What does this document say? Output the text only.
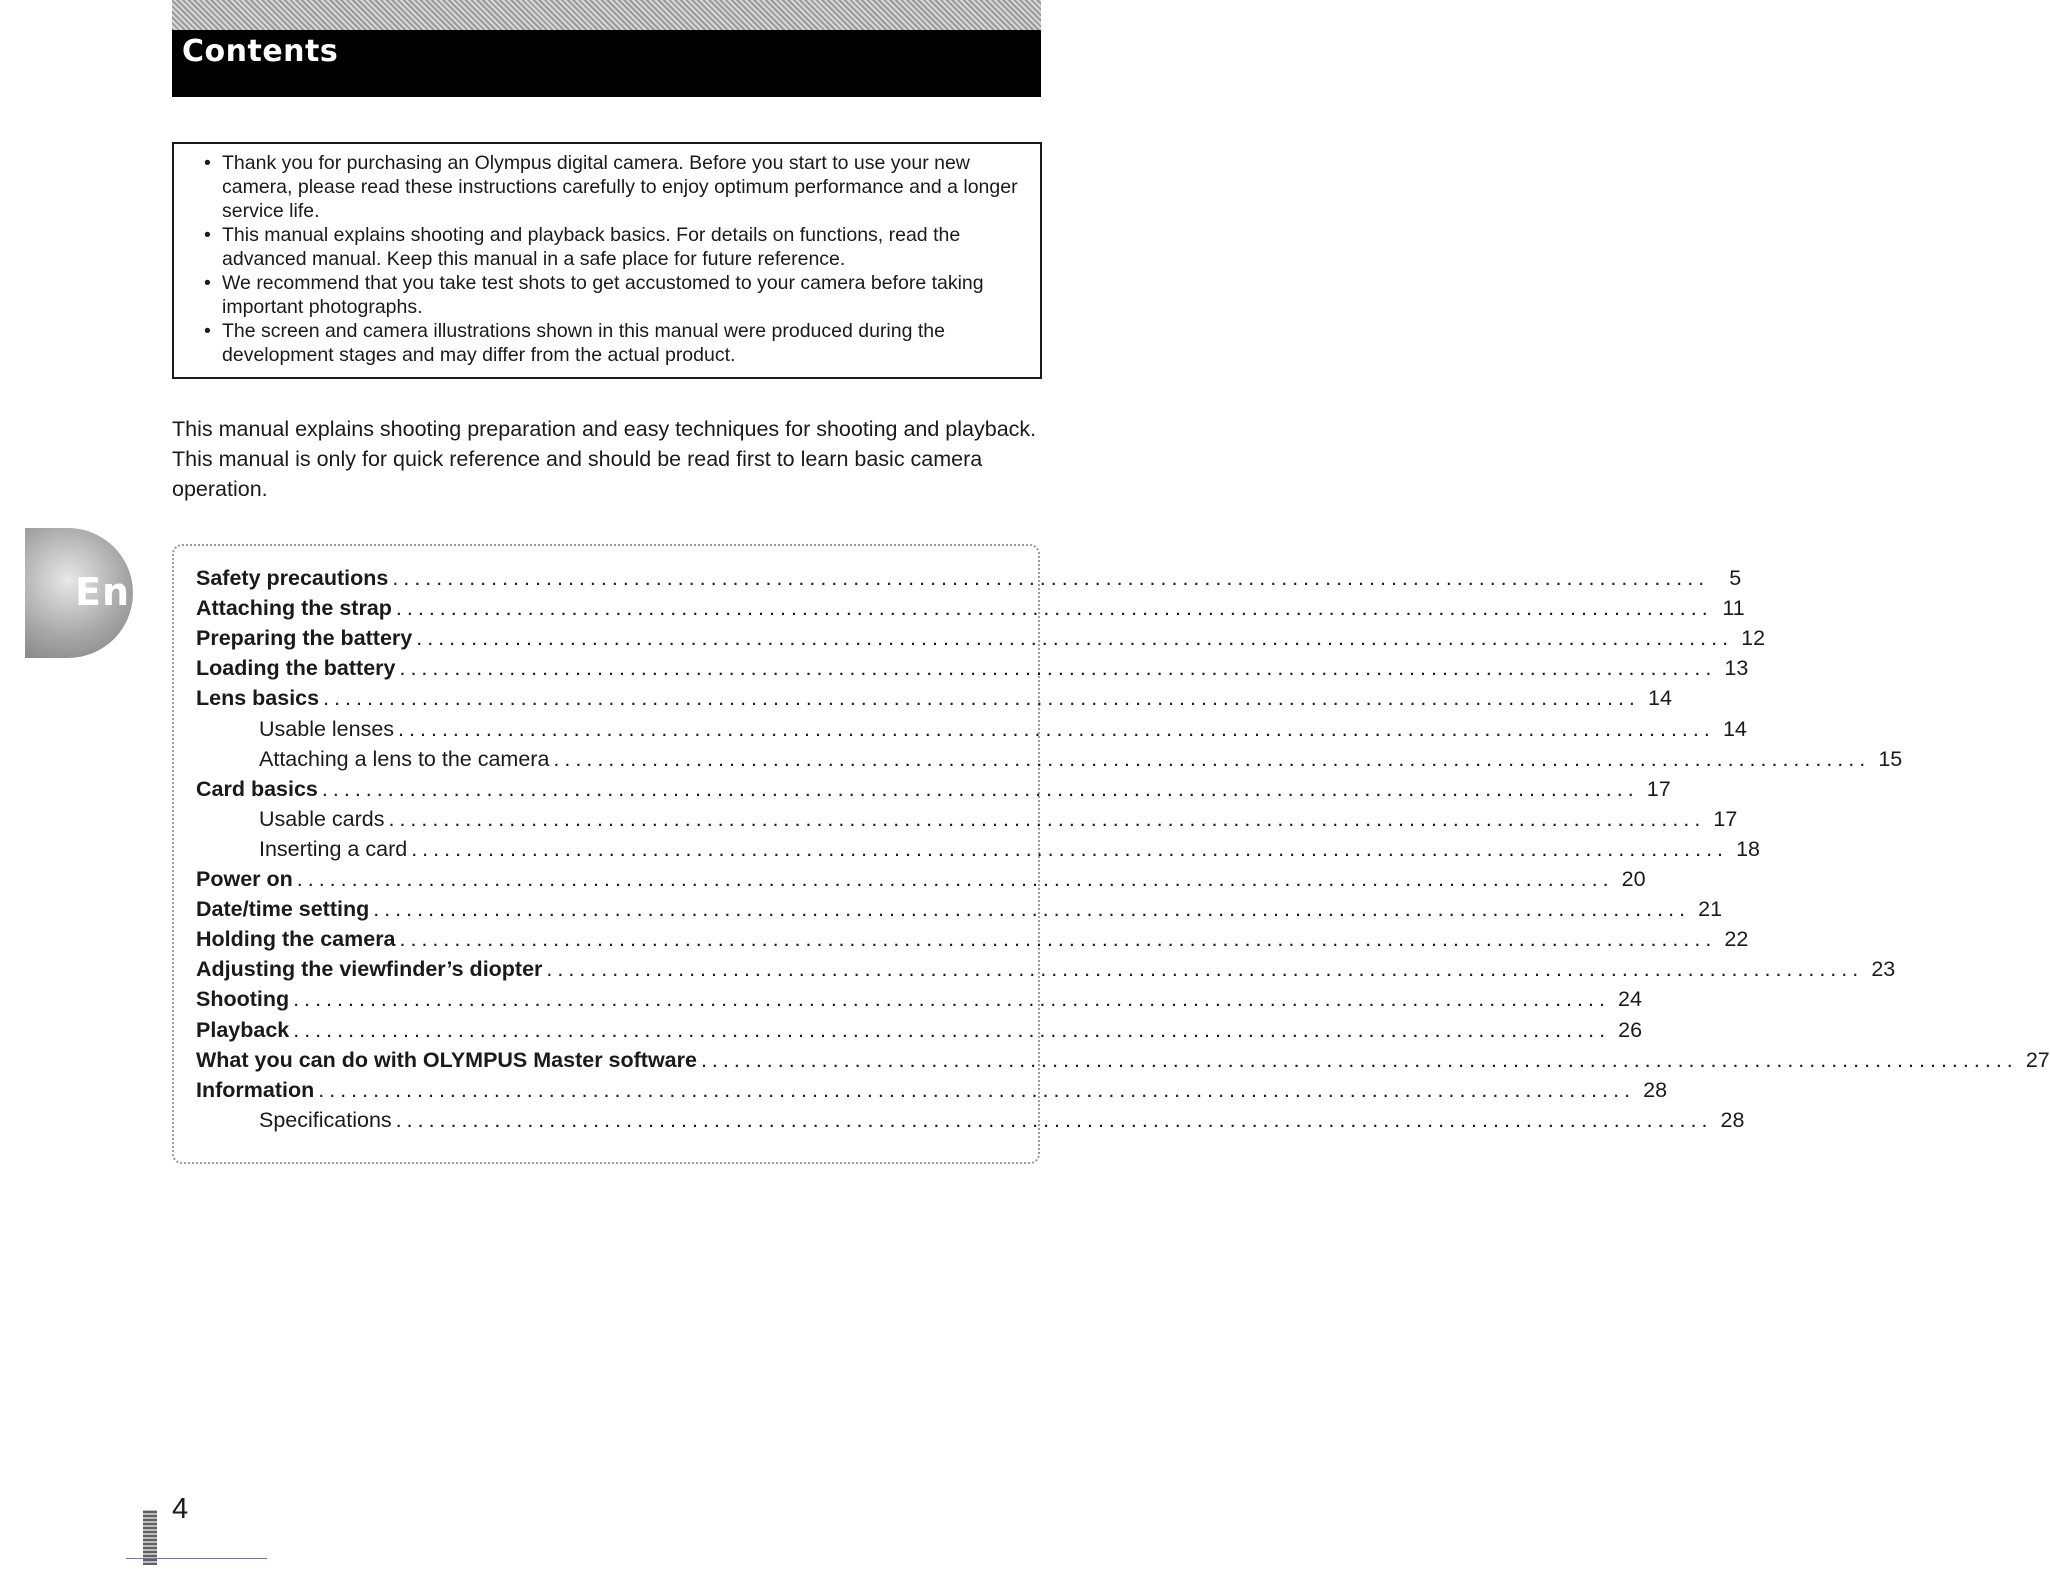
Contents
• Thank you for purchasing an Olympus digital camera. Before you start to use your new camera, please read these instructions carefully to enjoy optimum performance and a longer service life.
• This manual explains shooting and playback basics. For details on functions, read the advanced manual. Keep this manual in a safe place for future reference.
• We recommend that you take test shots to get accustomed to your camera before taking important photographs.
• The screen and camera illustrations shown in this manual were produced during the development stages and may differ from the actual product.

This manual explains shooting preparation and easy techniques for shooting and playback. This manual is only for quick reference and should be read first to learn basic camera operation.

En	Safety precautions ........................................................................................................................ 5
Attaching the strap ........................................................................................................................ 11
Preparing the battery ........................................................................................................................ 12
Loading the battery ........................................................................................................................ 13
Lens basics ........................................................................................................................ 14
Usable lenses ........................................................................................................................ 14
Attaching a lens to the camera ........................................................................................................................ 15
Card basics ........................................................................................................................ 17
Usable cards ........................................................................................................................ 17
Inserting a card ........................................................................................................................ 18
Power on ........................................................................................................................ 20
Date/time setting ........................................................................................................................ 21
Holding the camera ........................................................................................................................ 22
Adjusting the viewfinder’s diopter ........................................................................................................................ 23
Shooting ........................................................................................................................ 24
Playback ........................................................................................................................ 26
What you can do with OLYMPUS Master software ........................................................................................................................ 27
Information ........................................................................................................................ 28
Specifications ........................................................................................................................ 28
4
